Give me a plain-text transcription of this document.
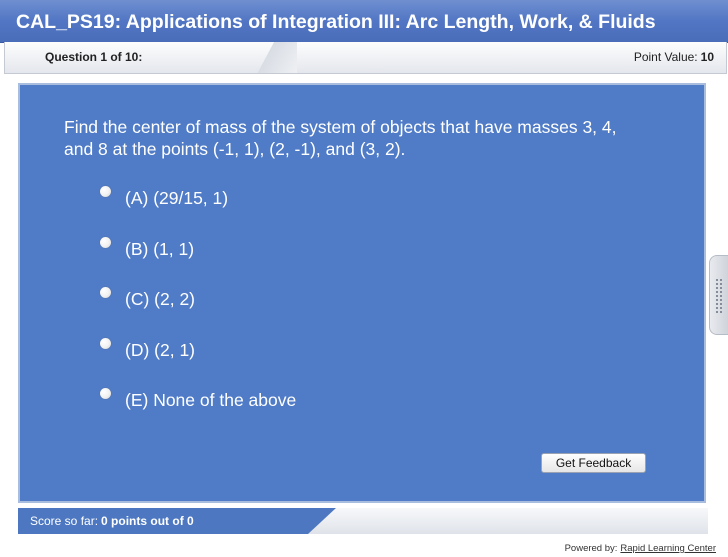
CAL_PS19: Applications of Integration III: Arc Length, Work, & Fluids
Question 1 of 10:	Point Value: 10
Find the center of mass of the system of objects that have masses 3, 4, and 8 at the points (-1, 1), (2, -1), and (3, 2).
(A) (29/15, 1)
(B) (1, 1)
(C) (2, 2)
(D) (2, 1)
(E) None of the above
Get Feedback
Score so far: 0 points out of 0
Powered by: Rapid Learning Center
